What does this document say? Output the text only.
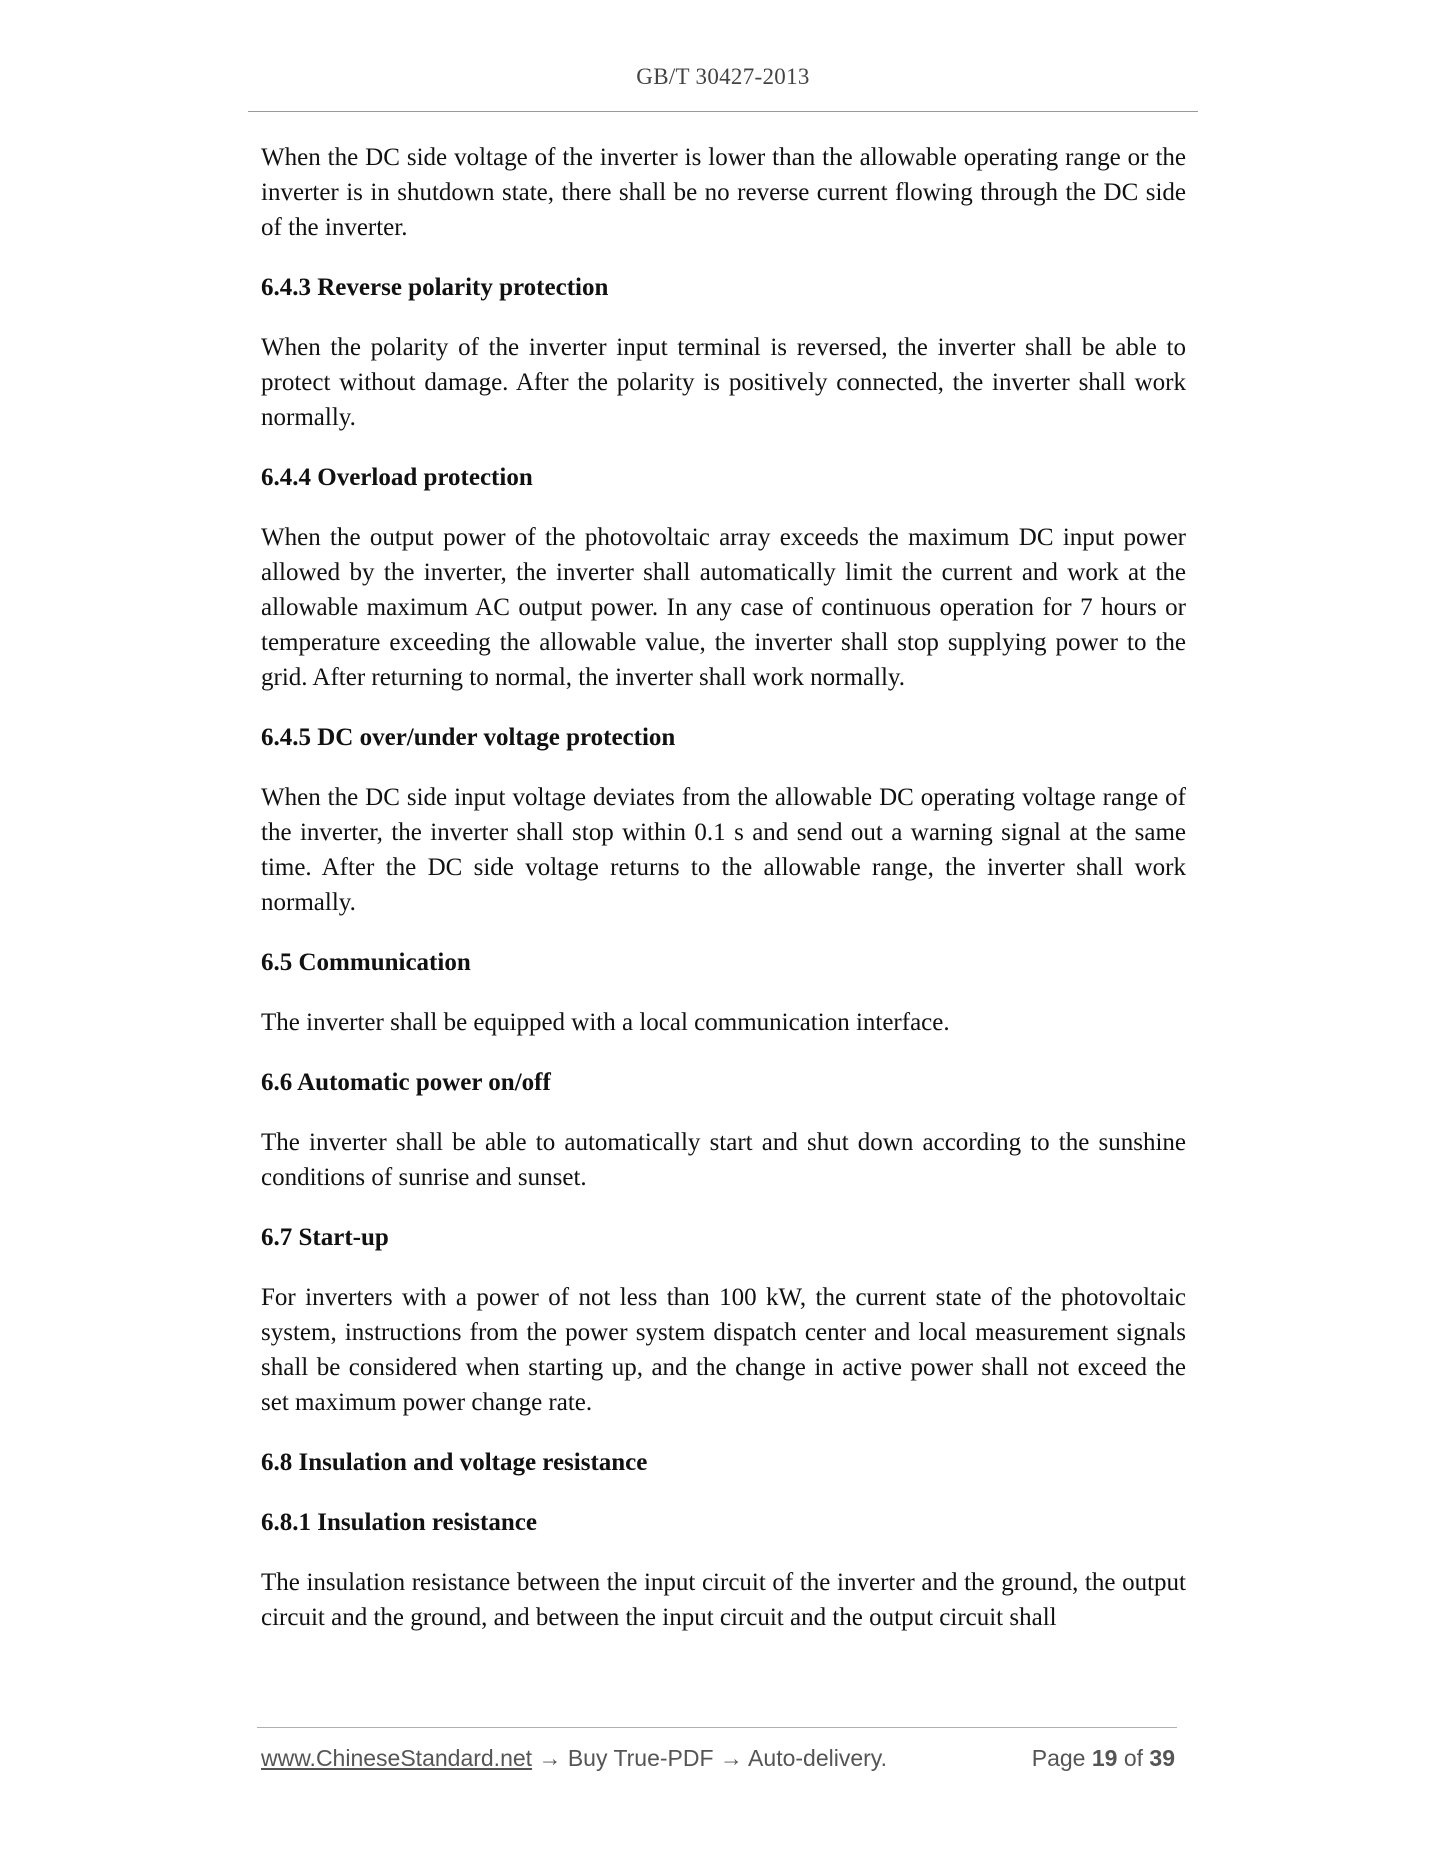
GB/T 30427-2013

When the DC side voltage of the inverter is lower than the allowable operating range or the inverter is in shutdown state, there shall be no reverse current flowing through the DC side of the inverter.

6.4.3 Reverse polarity protection

When the polarity of the inverter input terminal is reversed, the inverter shall be able to protect without damage. After the polarity is positively connected, the inverter shall work normally.

6.4.4 Overload protection

When the output power of the photovoltaic array exceeds the maximum DC input power allowed by the inverter, the inverter shall automatically limit the current and work at the allowable maximum AC output power. In any case of continuous operation for 7 hours or temperature exceeding the allowable value, the inverter shall stop supplying power to the grid. After returning to normal, the inverter shall work normally.

6.4.5 DC over/under voltage protection

When the DC side input voltage deviates from the allowable DC operating voltage range of the inverter, the inverter shall stop within 0.1 s and send out a warning signal at the same time. After the DC side voltage returns to the allowable range, the inverter shall work normally.

6.5 Communication

The inverter shall be equipped with a local communication interface.

6.6 Automatic power on/off

The inverter shall be able to automatically start and shut down according to the sunshine conditions of sunrise and sunset.

6.7 Start-up

For inverters with a power of not less than 100 kW, the current state of the photovoltaic system, instructions from the power system dispatch center and local measurement signals shall be considered when starting up, and the change in active power shall not exceed the set maximum power change rate.

6.8 Insulation and voltage resistance

6.8.1 Insulation resistance

The insulation resistance between the input circuit of the inverter and the ground, the output circuit and the ground, and between the input circuit and the output circuit shall

www.ChineseStandard.net → Buy True-PDF → Auto-delivery.	Page 19 of 39
